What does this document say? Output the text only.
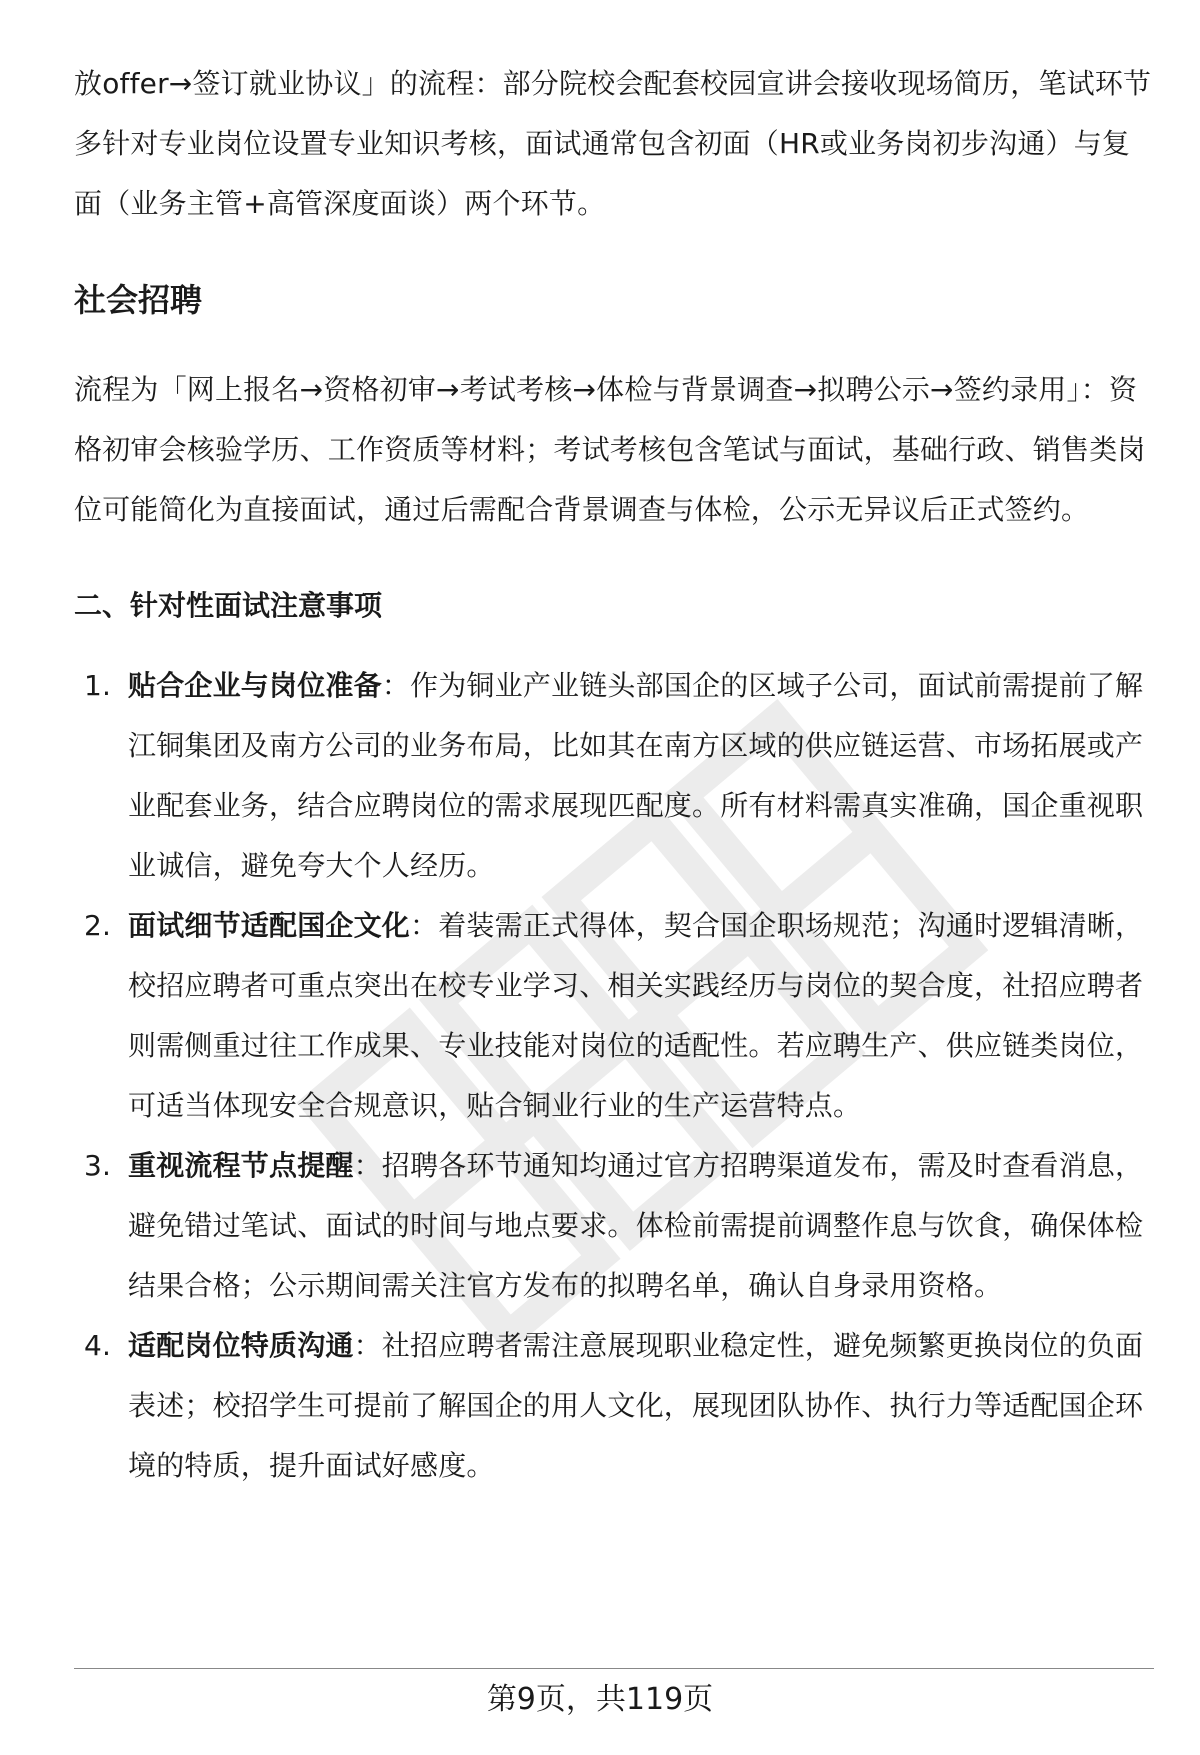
放offer→签订就业协议」的流程：部分院校会配套校园宣讲会接收现场简历，笔试环节多针对专业岗位设置专业知识考核，面试通常包含初面（HR或业务岗初步沟通）与复面（业务主管+高管深度面谈）两个环节。

社会招聘

流程为「网上报名→资格初审→考试考核→体检与背景调查→拟聘公示→签约录用」：资格初审会核验学历、工作资质等材料；考试考核包含笔试与面试，基础行政、销售类岗位可能简化为直接面试，通过后需配合背景调查与体检，公示无异议后正式签约。

二、针对性面试注意事项
1. 贴合企业与岗位准备：作为铜业产业链头部国企的区域子公司，面试前需提前了解江铜集团及南方公司的业务布局，比如其在南方区域的供应链运营、市场拓展或产业配套业务，结合应聘岗位的需求展现匹配度。所有材料需真实准确，国企重视职业诚信，避免夸大个人经历。
2. 面试细节适配国企文化：着装需正式得体，契合国企职场规范；沟通时逻辑清晰，校招应聘者可重点突出在校专业学习、相关实践经历与岗位的契合度，社招应聘者则需侧重过往工作成果、专业技能对岗位的适配性。若应聘生产、供应链类岗位，可适当体现安全合规意识，贴合铜业行业的生产运营特点。
3. 重视流程节点提醒：招聘各环节通知均通过官方招聘渠道发布，需及时查看消息，避免错过笔试、面试的时间与地点要求。体检前需提前调整作息与饮食，确保体检结果合格；公示期间需关注官方发布的拟聘名单，确认自身录用资格。
4. 适配岗位特质沟通：社招应聘者需注意展现职业稳定性，避免频繁更换岗位的负面表述；校招学生可提前了解国企的用人文化，展现团队协作、执行力等适配国企环境的特质，提升面试好感度。
第9页，共119页
